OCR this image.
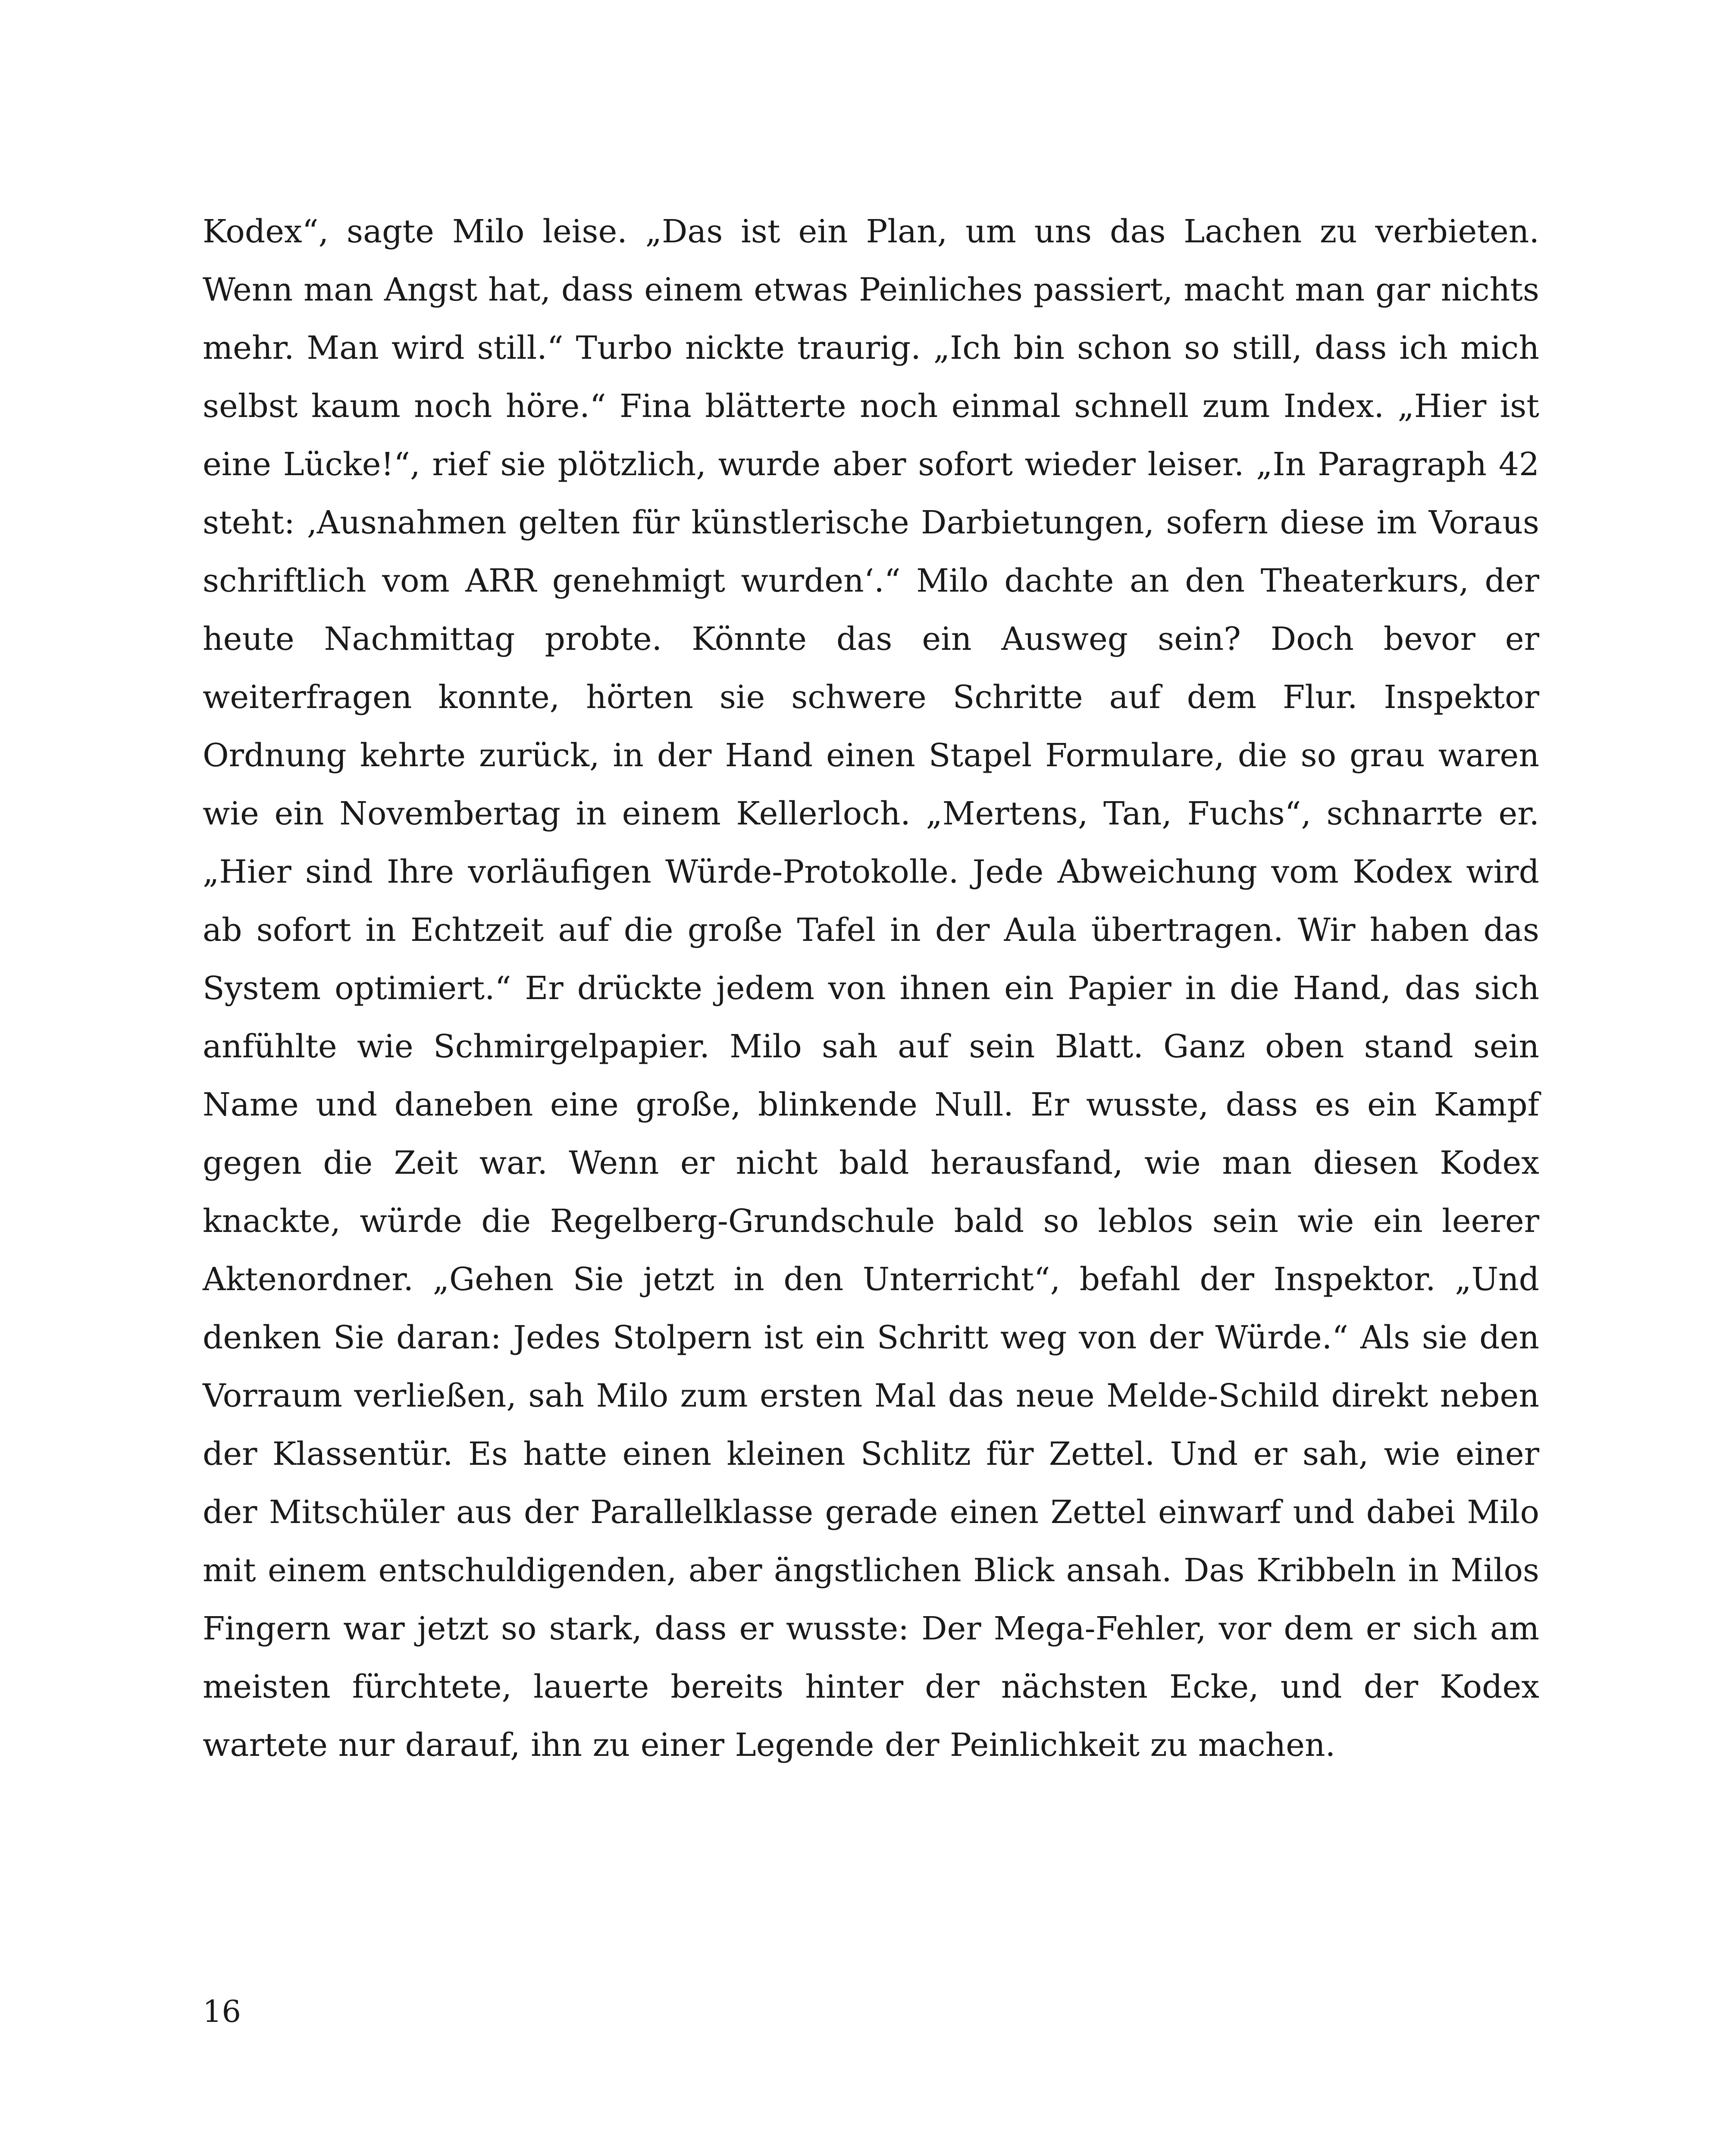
Kodex“, sagte Milo leise. „Das ist ein Plan, um uns das Lachen zu verbieten. Wenn man Angst hat, dass einem etwas Peinliches passiert, macht man gar nichts mehr. Man wird still.“ Turbo nickte traurig. „Ich bin schon so still, dass ich mich selbst kaum noch höre.“ Fina blätterte noch einmal schnell zum Index. „Hier ist eine Lücke!“, rief sie plötzlich, wurde aber sofort wieder leiser. „In Paragraph 42 steht: ‚Ausnahmen gelten für künstlerische Darbietungen, sofern diese im Voraus schriftlich vom ARR genehmigt wurden‘.“ Milo dachte an den Theaterkurs, der heute Nachmittag probte. Könnte das ein Ausweg sein? Doch bevor er weiterfragen konnte, hörten sie schwere Schritte auf dem Flur. Inspektor Ordnung kehrte zurück, in der Hand einen Stapel Formulare, die so grau waren wie ein Novembertag in einem Kellerloch. „Mertens, Tan, Fuchs“, schnarrte er. „Hier sind Ihre vorläufigen Würde-Protokolle. Jede Abweichung vom Kodex wird ab sofort in Echtzeit auf die große Tafel in der Aula übertragen. Wir haben das System optimiert.“ Er drückte jedem von ihnen ein Papier in die Hand, das sich anfühlte wie Schmirgelpapier. Milo sah auf sein Blatt. Ganz oben stand sein Name und daneben eine große, blinkende Null. Er wusste, dass es ein Kampf gegen die Zeit war. Wenn er nicht bald herausfand, wie man diesen Kodex knackte, würde die Regelberg-Grundschule bald so leblos sein wie ein leerer Aktenordner. „Gehen Sie jetzt in den Unterricht“, befahl der Inspektor. „Und denken Sie daran: Jedes Stolpern ist ein Schritt weg von der Würde.“ Als sie den Vorraum verließen, sah Milo zum ersten Mal das neue Melde-Schild direkt neben der Klassentür. Es hatte einen kleinen Schlitz für Zettel. Und er sah, wie einer der Mitschüler aus der Parallelklasse gerade einen Zettel einwarf und dabei Milo mit einem entschuldigenden, aber ängstlichen Blick ansah. Das Kribbeln in Milos Fingern war jetzt so stark, dass er wusste: Der Mega-Fehler, vor dem er sich am meisten fürchtete, lauerte bereits hinter der nächsten Ecke, und der Kodex wartete nur darauf, ihn zu einer Legende der Peinlichkeit zu machen.

16
